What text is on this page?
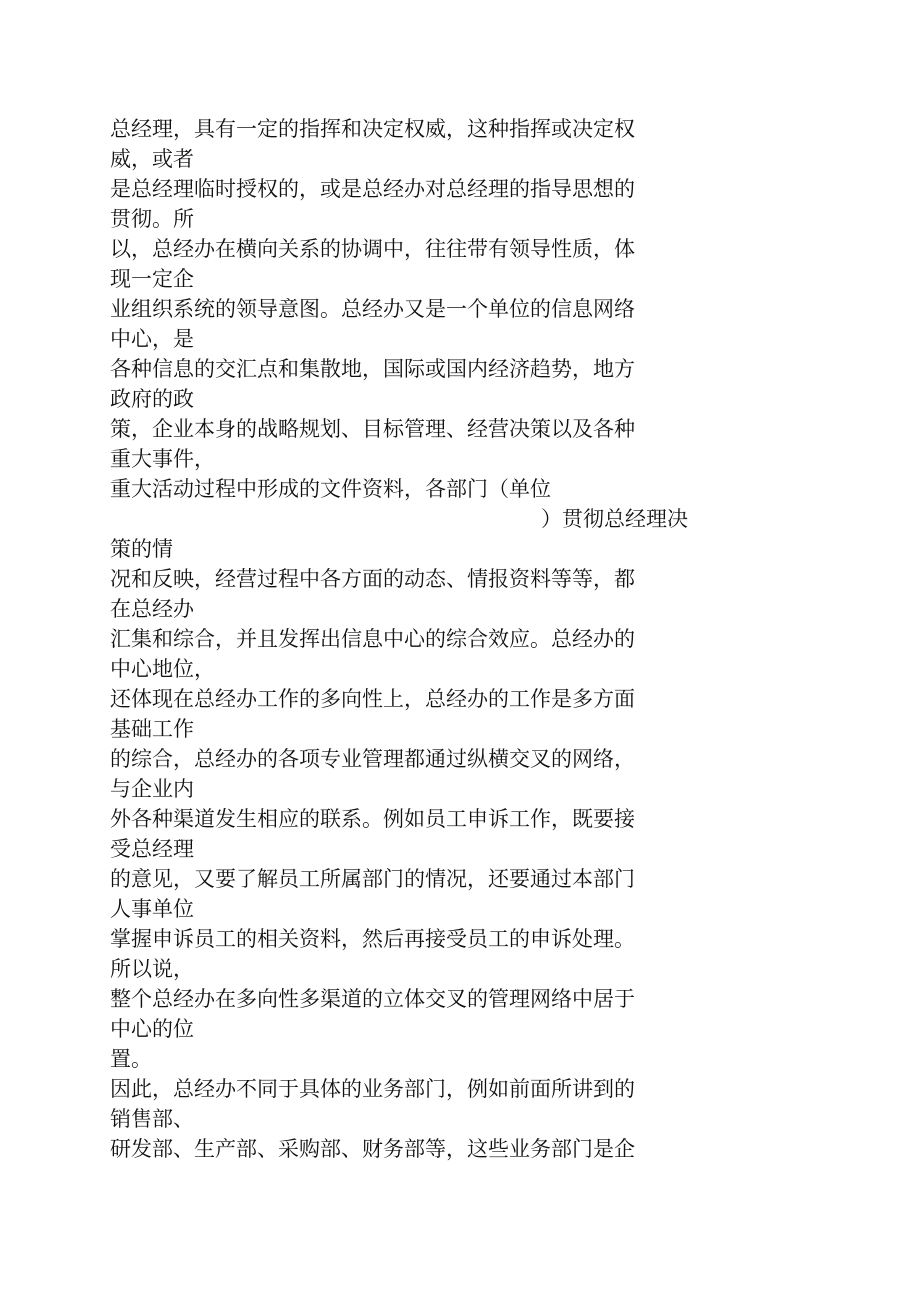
总经理，具有一定的指挥和决定权威，这种指挥或决定权
威，或者
是总经理临时授权的，或是总经办对总经理的指导思想的
贯彻。所
以，总经办在横向关系的协调中，往往带有领导性质，体
现一定企
业组织系统的领导意图。总经办又是一个单位的信息网络
中心，是
各种信息的交汇点和集散地，国际或国内经济趋势，地方
政府的政
策，企业本身的战略规划、目标管理、经营决策以及各种
重大事件，
重大活动过程中形成的文件资料，各部门（单位
）贯彻总经理决
策的情
况和反映，经营过程中各方面的动态、情报资料等等，都
在总经办
汇集和综合，并且发挥出信息中心的综合效应。总经办的
中心地位，
还体现在总经办工作的多向性上，总经办的工作是多方面
基础工作
的综合，总经办的各项专业管理都通过纵横交叉的网络，
与企业内
外各种渠道发生相应的联系。例如员工申诉工作，既要接
受总经理
的意见，又要了解员工所属部门的情况，还要通过本部门
人事单位
掌握申诉员工的相关资料，然后再接受员工的申诉处理。
所以说，
整个总经办在多向性多渠道的立体交叉的管理网络中居于
中心的位
置。
因此，总经办不同于具体的业务部门，例如前面所讲到的
销售部、
研发部、生产部、采购部、财务部等，这些业务部门是企
